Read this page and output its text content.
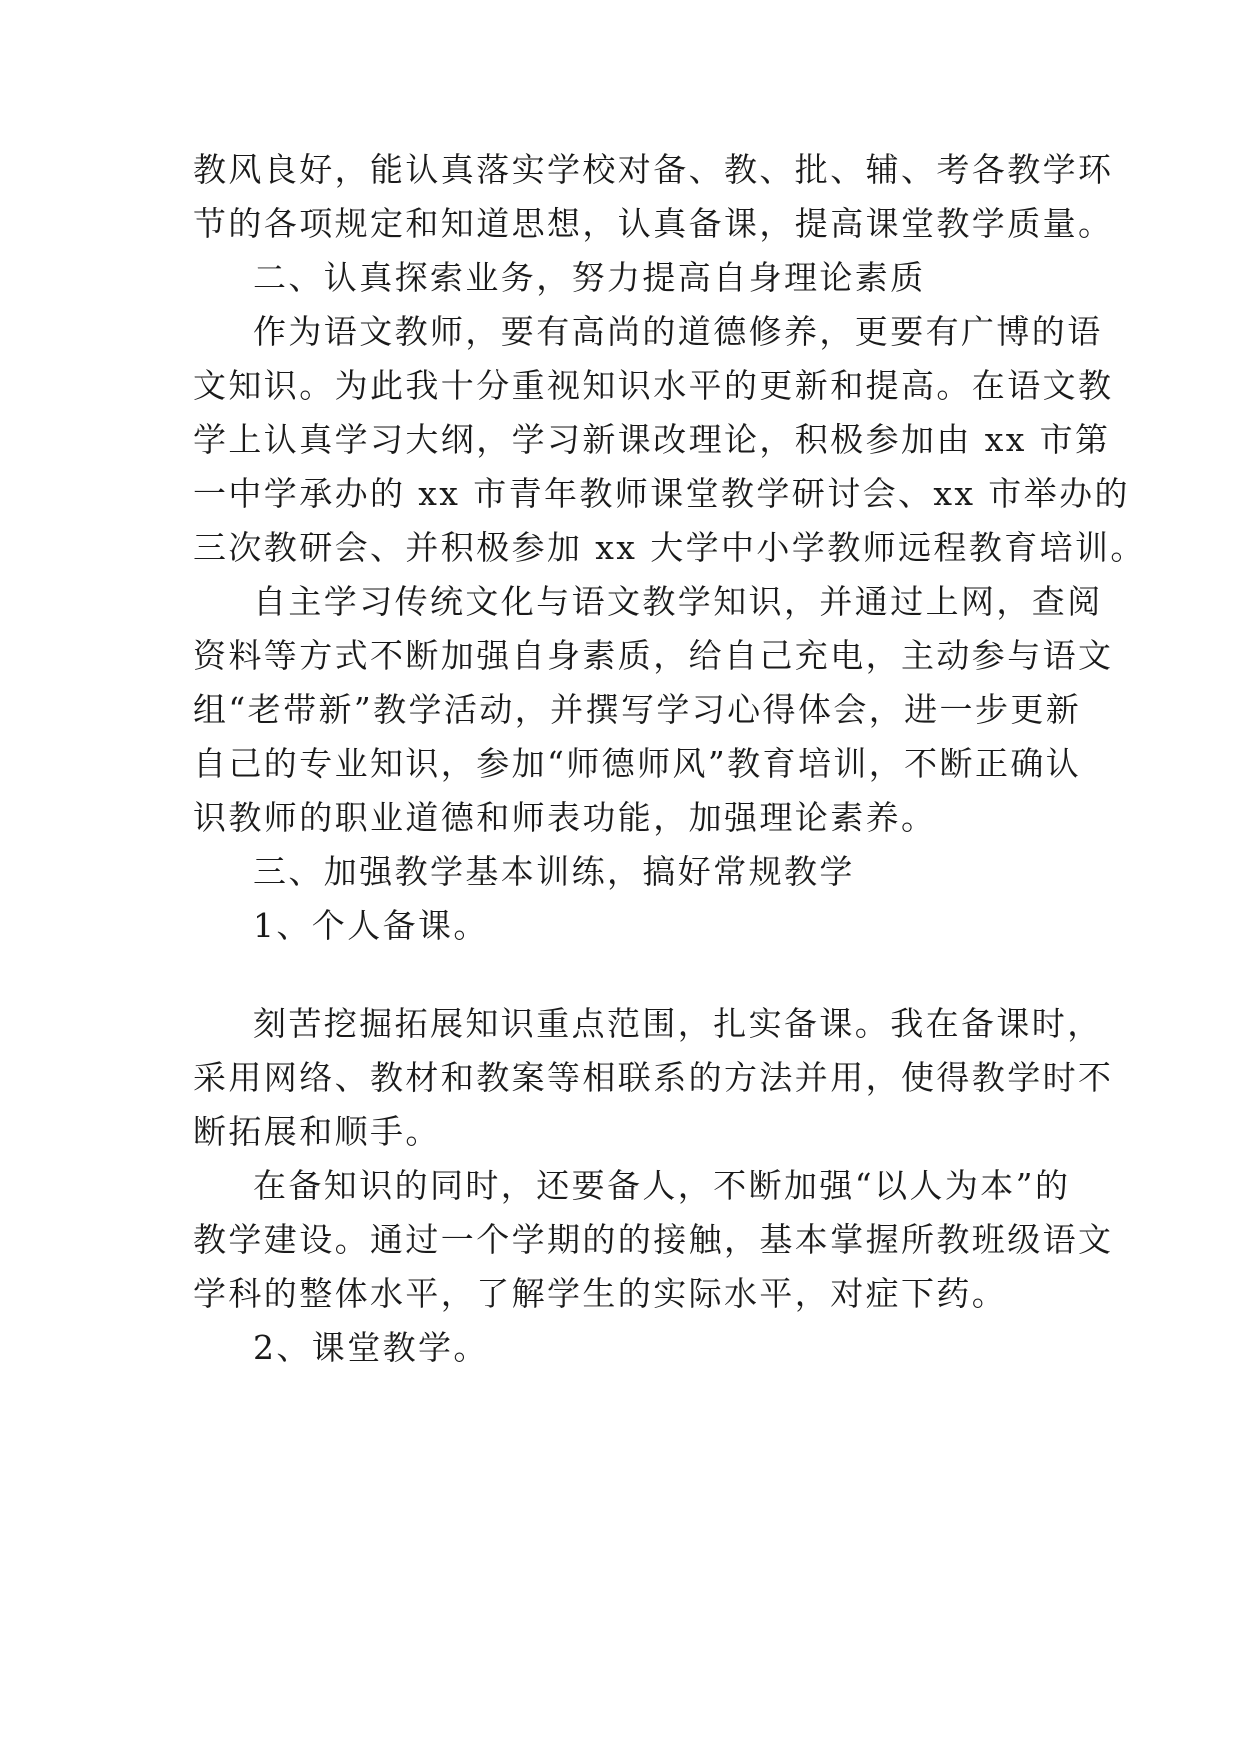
教风良好，能认真落实学校对备、教、批、辅、考各教学环
节的各项规定和知道思想，认真备课，提高课堂教学质量。
二、认真探索业务，努力提高自身理论素质
作为语文教师，要有高尚的道德修养，更要有广博的语
文知识。为此我十分重视知识水平的更新和提高。在语文教
学上认真学习大纲，学习新课改理论，积极参加由 xx 市第
一中学承办的 xx 市青年教师课堂教学研讨会、xx 市举办的
三次教研会、并积极参加 xx 大学中小学教师远程教育培训。
自主学习传统文化与语文教学知识，并通过上网，查阅
资料等方式不断加强自身素质，给自己充电，主动参与语文
组“老带新”教学活动，并撰写学习心得体会，进一步更新
自己的专业知识，参加“师德师风”教育培训，不断正确认
识教师的职业道德和师表功能，加强理论素养。
三、加强教学基本训练，搞好常规教学
1、个人备课。
刻苦挖掘拓展知识重点范围，扎实备课。我在备课时，
采用网络、教材和教案等相联系的方法并用，使得教学时不
断拓展和顺手。
在备知识的同时，还要备人，不断加强“以人为本”的
教学建设。通过一个学期的的接触，基本掌握所教班级语文
学科的整体水平，了解学生的实际水平，对症下药。
2、课堂教学。
